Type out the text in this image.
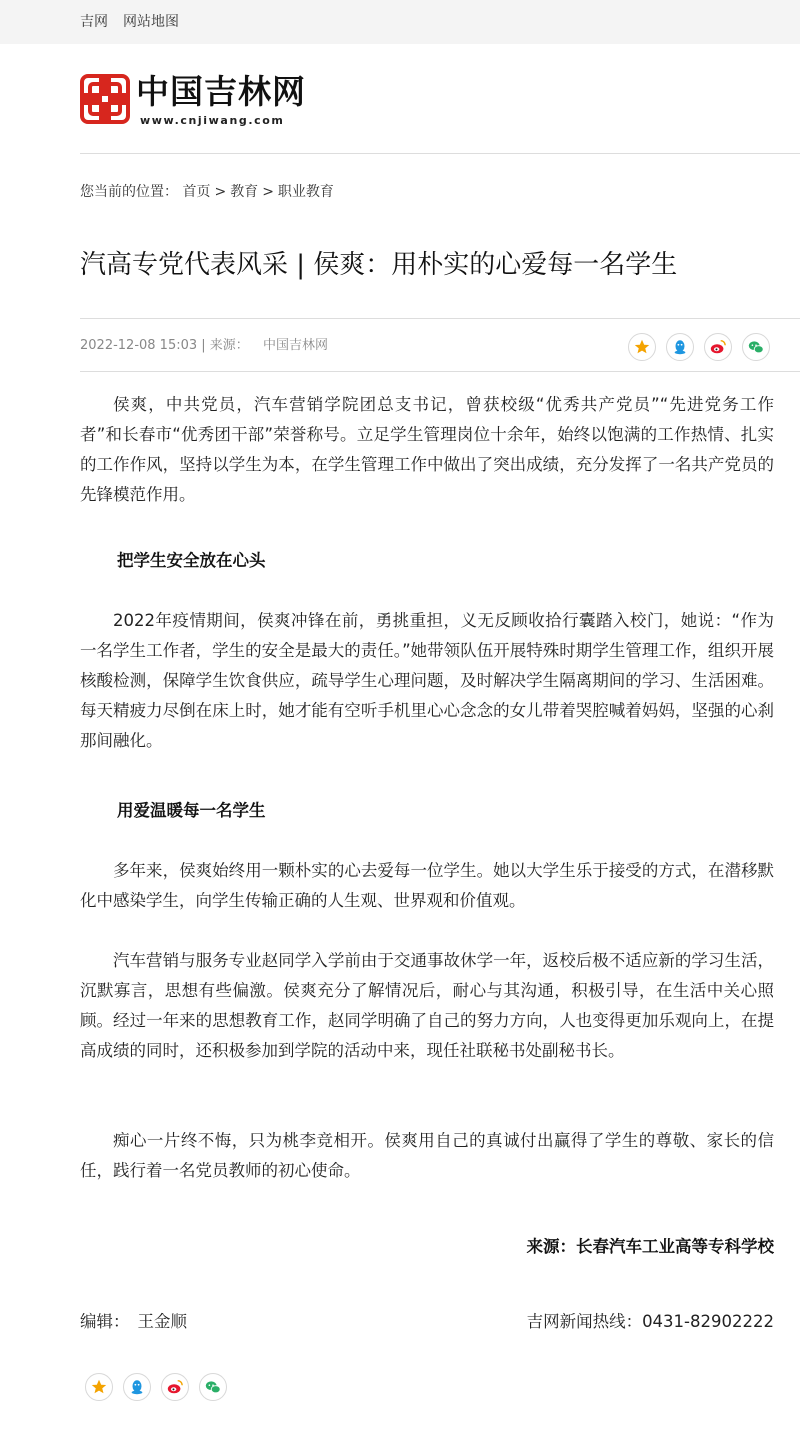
吉网 网站地图
中国吉林网
www.cnjiwang.com
您当前的位置： 首页 > 教育 > 职业教育
汽高专党代表风采 | 侯爽：用朴实的心爱每一名学生
2022-12-08 15:03 | 来源： 中国吉林网

侯爽，中共党员，汽车营销学院团总支书记，曾获校级“优秀共产党员”“先进党务工作者”和长春市“优秀团干部”荣誉称号。立足学生管理岗位十余年，始终以饱满的工作热情、扎实的工作作风，坚持以学生为本，在学生管理工作中做出了突出成绩，充分发挥了一名共产党员的先锋模范作用。

把学生安全放在心头

2022年疫情期间，侯爽冲锋在前，勇挑重担，义无反顾收拾行囊踏入校门，她说：“作为一名学生工作者，学生的安全是最大的责任。”她带领队伍开展特殊时期学生管理工作，组织开展核酸检测，保障学生饮食供应，疏导学生心理问题，及时解决学生隔离期间的学习、生活困难。每天精疲力尽倒在床上时，她才能有空听手机里心心念念的女儿带着哭腔喊着妈妈，坚强的心刹那间融化。

用爱温暖每一名学生

多年来，侯爽始终用一颗朴实的心去爱每一位学生。她以大学生乐于接受的方式，在潜移默化中感染学生，向学生传输正确的人生观、世界观和价值观。

汽车营销与服务专业赵同学入学前由于交通事故休学一年，返校后极不适应新的学习生活，沉默寡言，思想有些偏激。侯爽充分了解情况后，耐心与其沟通，积极引导，在生活中关心照顾。经过一年来的思想教育工作，赵同学明确了自己的努力方向，人也变得更加乐观向上，在提高成绩的同时，还积极参加到学院的活动中来，现任社联秘书处副秘书长。

痴心一片终不悔，只为桃李竞相开。侯爽用自己的真诚付出赢得了学生的尊敬、家长的信任，践行着一名党员教师的初心使命。

来源：长春汽车工业高等专科学校
编辑： 王金顺	吉网新闻热线：0431-82902222
